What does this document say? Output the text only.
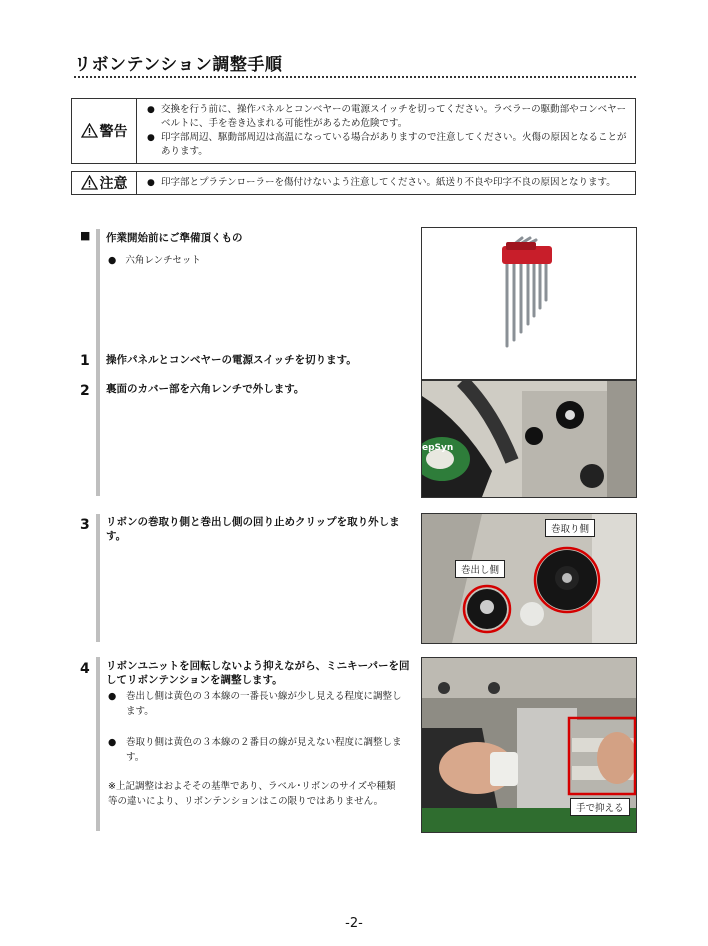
リボンテンション調整手順
警告	● 交換を行う前に、操作パネルとコンベヤーの電源スイッチを切ってください。ラベラーの駆動部やコンベヤーベルトに、手を巻き込まれる可能性があるため危険です。
● 印字部周辺、駆動部周辺は高温になっている場合がありますので注意してください。火傷の原因となることがあります。

注意	● 印字部とプラテンローラーを傷付けないよう注意してください。紙送り不良や印字不良の原因となります。
■ 作業開始前にご準備頂くもの
● 六角レンチセット
1 操作パネルとコンベヤーの電源スイッチを切ります。
2 裏面のカバー部を六角レンチで外します。
epSyn
3 リボンの巻取り側と巻出し側の回り止めクリップを取り外します。
巻取り側
巻出し側
4 リボンユニットを回転しないよう抑えながら、ミニキーパーを回してリボンテンションを調整します。
●	巻出し側は黄色の３本線の一番長い線が少し見える程度に調整します。
●	巻取り側は黄色の３本線の２番目の線が見えない程度に調整します。
※上記調整はおよそその基準であり、ラベル･リボンのサイズや種類等の違いにより、リボンテンションはこの限りではありません。
手で抑える
-2-
